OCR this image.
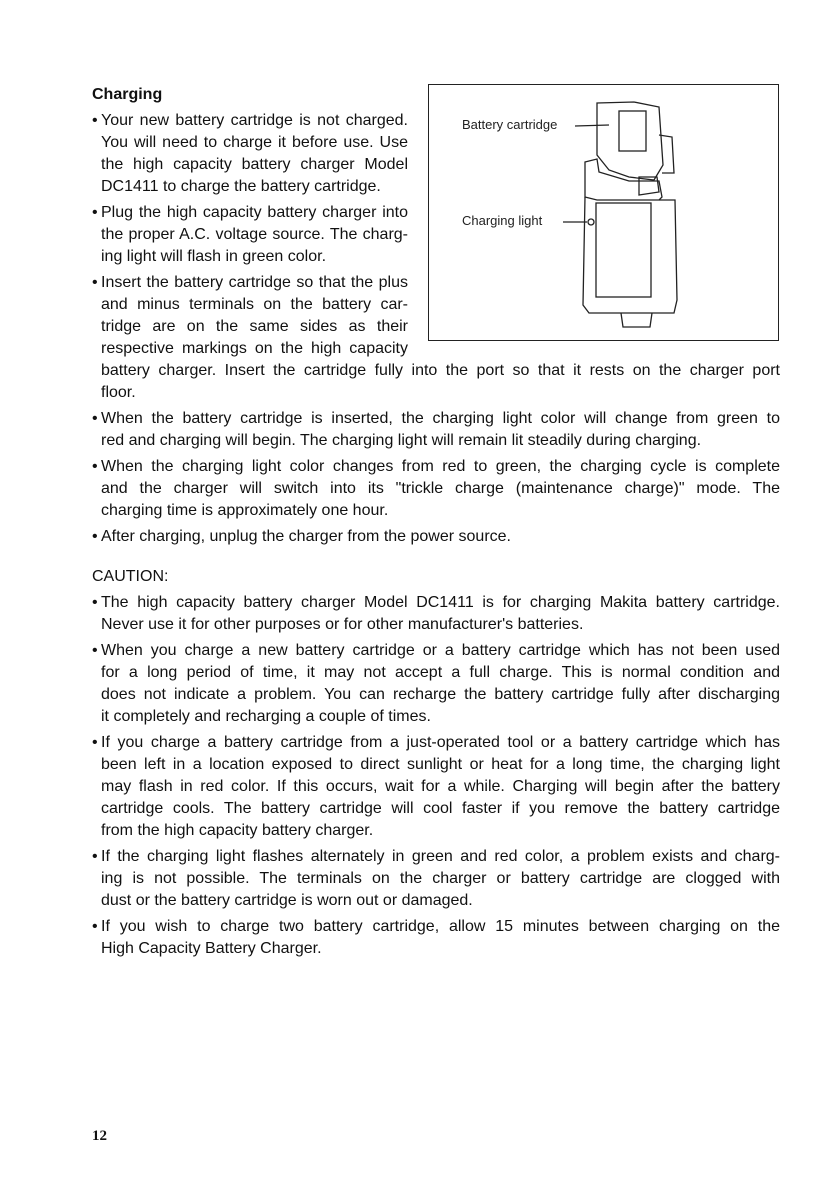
Charging
• Your new battery cartridge is not charged.
You will need to charge it before use. Use
the high capacity battery charger Model
DC1411 to charge the battery cartridge.
• Plug the high capacity battery charger into
the proper A.C. voltage source. The charg-
ing light will flash in green color.
• Insert the battery cartridge so that the plus
and minus terminals on the battery car-
tridge are on the same sides as their
respective markings on the high capacity
battery charger. Insert the cartridge fully into the port so that it rests on the charger port
floor.
• When the battery cartridge is inserted, the charging light color will change from green to
red and charging will begin. The charging light will remain lit steadily during charging.
• When the charging light color changes from red to green, the charging cycle is complete
and the charger will switch into its "trickle charge (maintenance charge)" mode. The
charging time is approximately one hour.
• After charging, unplug the charger from the power source.
CAUTION:
• The high capacity battery charger Model DC1411 is for charging Makita battery cartridge.
Never use it for other purposes or for other manufacturer's batteries.
• When you charge a new battery cartridge or a battery cartridge which has not been used
for a long period of time, it may not accept a full charge. This is normal condition and
does not indicate a problem. You can recharge the battery cartridge fully after discharging
it completely and recharging a couple of times.
• If you charge a battery cartridge from a just-operated tool or a battery cartridge which has
been left in a location exposed to direct sunlight or heat for a long time, the charging light
may flash in red color. If this occurs, wait for a while. Charging will begin after the battery
cartridge cools. The battery cartridge will cool faster if you remove the battery cartridge
from the high capacity battery charger.
• If the charging light flashes alternately in green and red color, a problem exists and charg-
ing is not possible. The terminals on the charger or battery cartridge are clogged with
dust or the battery cartridge is worn out or damaged.
• If you wish to charge two battery cartridge, allow 15 minutes between charging on the
High Capacity Battery Charger.
Battery cartridge
Charging light
12
